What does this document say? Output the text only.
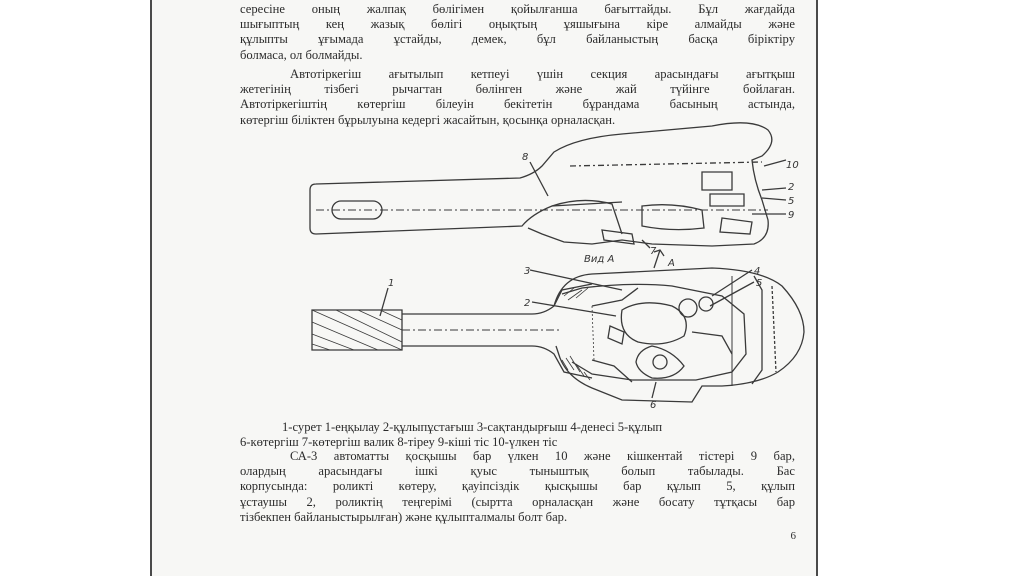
сересіне оның жалпақ бөлігімен қойылғанша бағыттайды. Бұл жағдайда
шығыптың кең жазық бөлігі оңықтың ұяшығына кіре алмайды және
құлыпты ұғымада ұстайды, демек, бұл байланыстың басқа біріктіру
болмаса, ол болмайды.
Автотіркегіш ағытылып кетпеуі үшін секция арасындағы ағытқыш
жетегінің тізбегі рычагтан бөлінген және жай түйінге бойлаған.
Автотіркегіштің көтергіш білеуін бекітетін бұрандама басының астында,
көтергіш біліктен бұрылуына кедергі жасайтын, қосынқа орналасқан.
8
10
2
5
9
7
Вид А	А
3	4
5
2
1
6
1-сурет 1-еңқылау 2-құлыпұстағыш 3-сақтандырғыш 4-денесі 5-құлып
6-көтергіш 7-көтергіш валик 8-тіреу 9-кіші тіс 10-үлкен тіс
СА-3 автоматты қосқышы бар үлкен 10 және кішкентай тістері 9 бар,
олардың арасындағы ішкі қуыс тыныштық болып табылады. Бас
корпусында: роликті көтеру, қауіпсіздік қысқышы бар құлып 5, құлып
ұстаушы 2, роликтің теңгерімі (сыртта орналасқан және босату тұтқасы бар
тізбекпен байланыстырылған) және құлыпталмалы болт бар.
6
